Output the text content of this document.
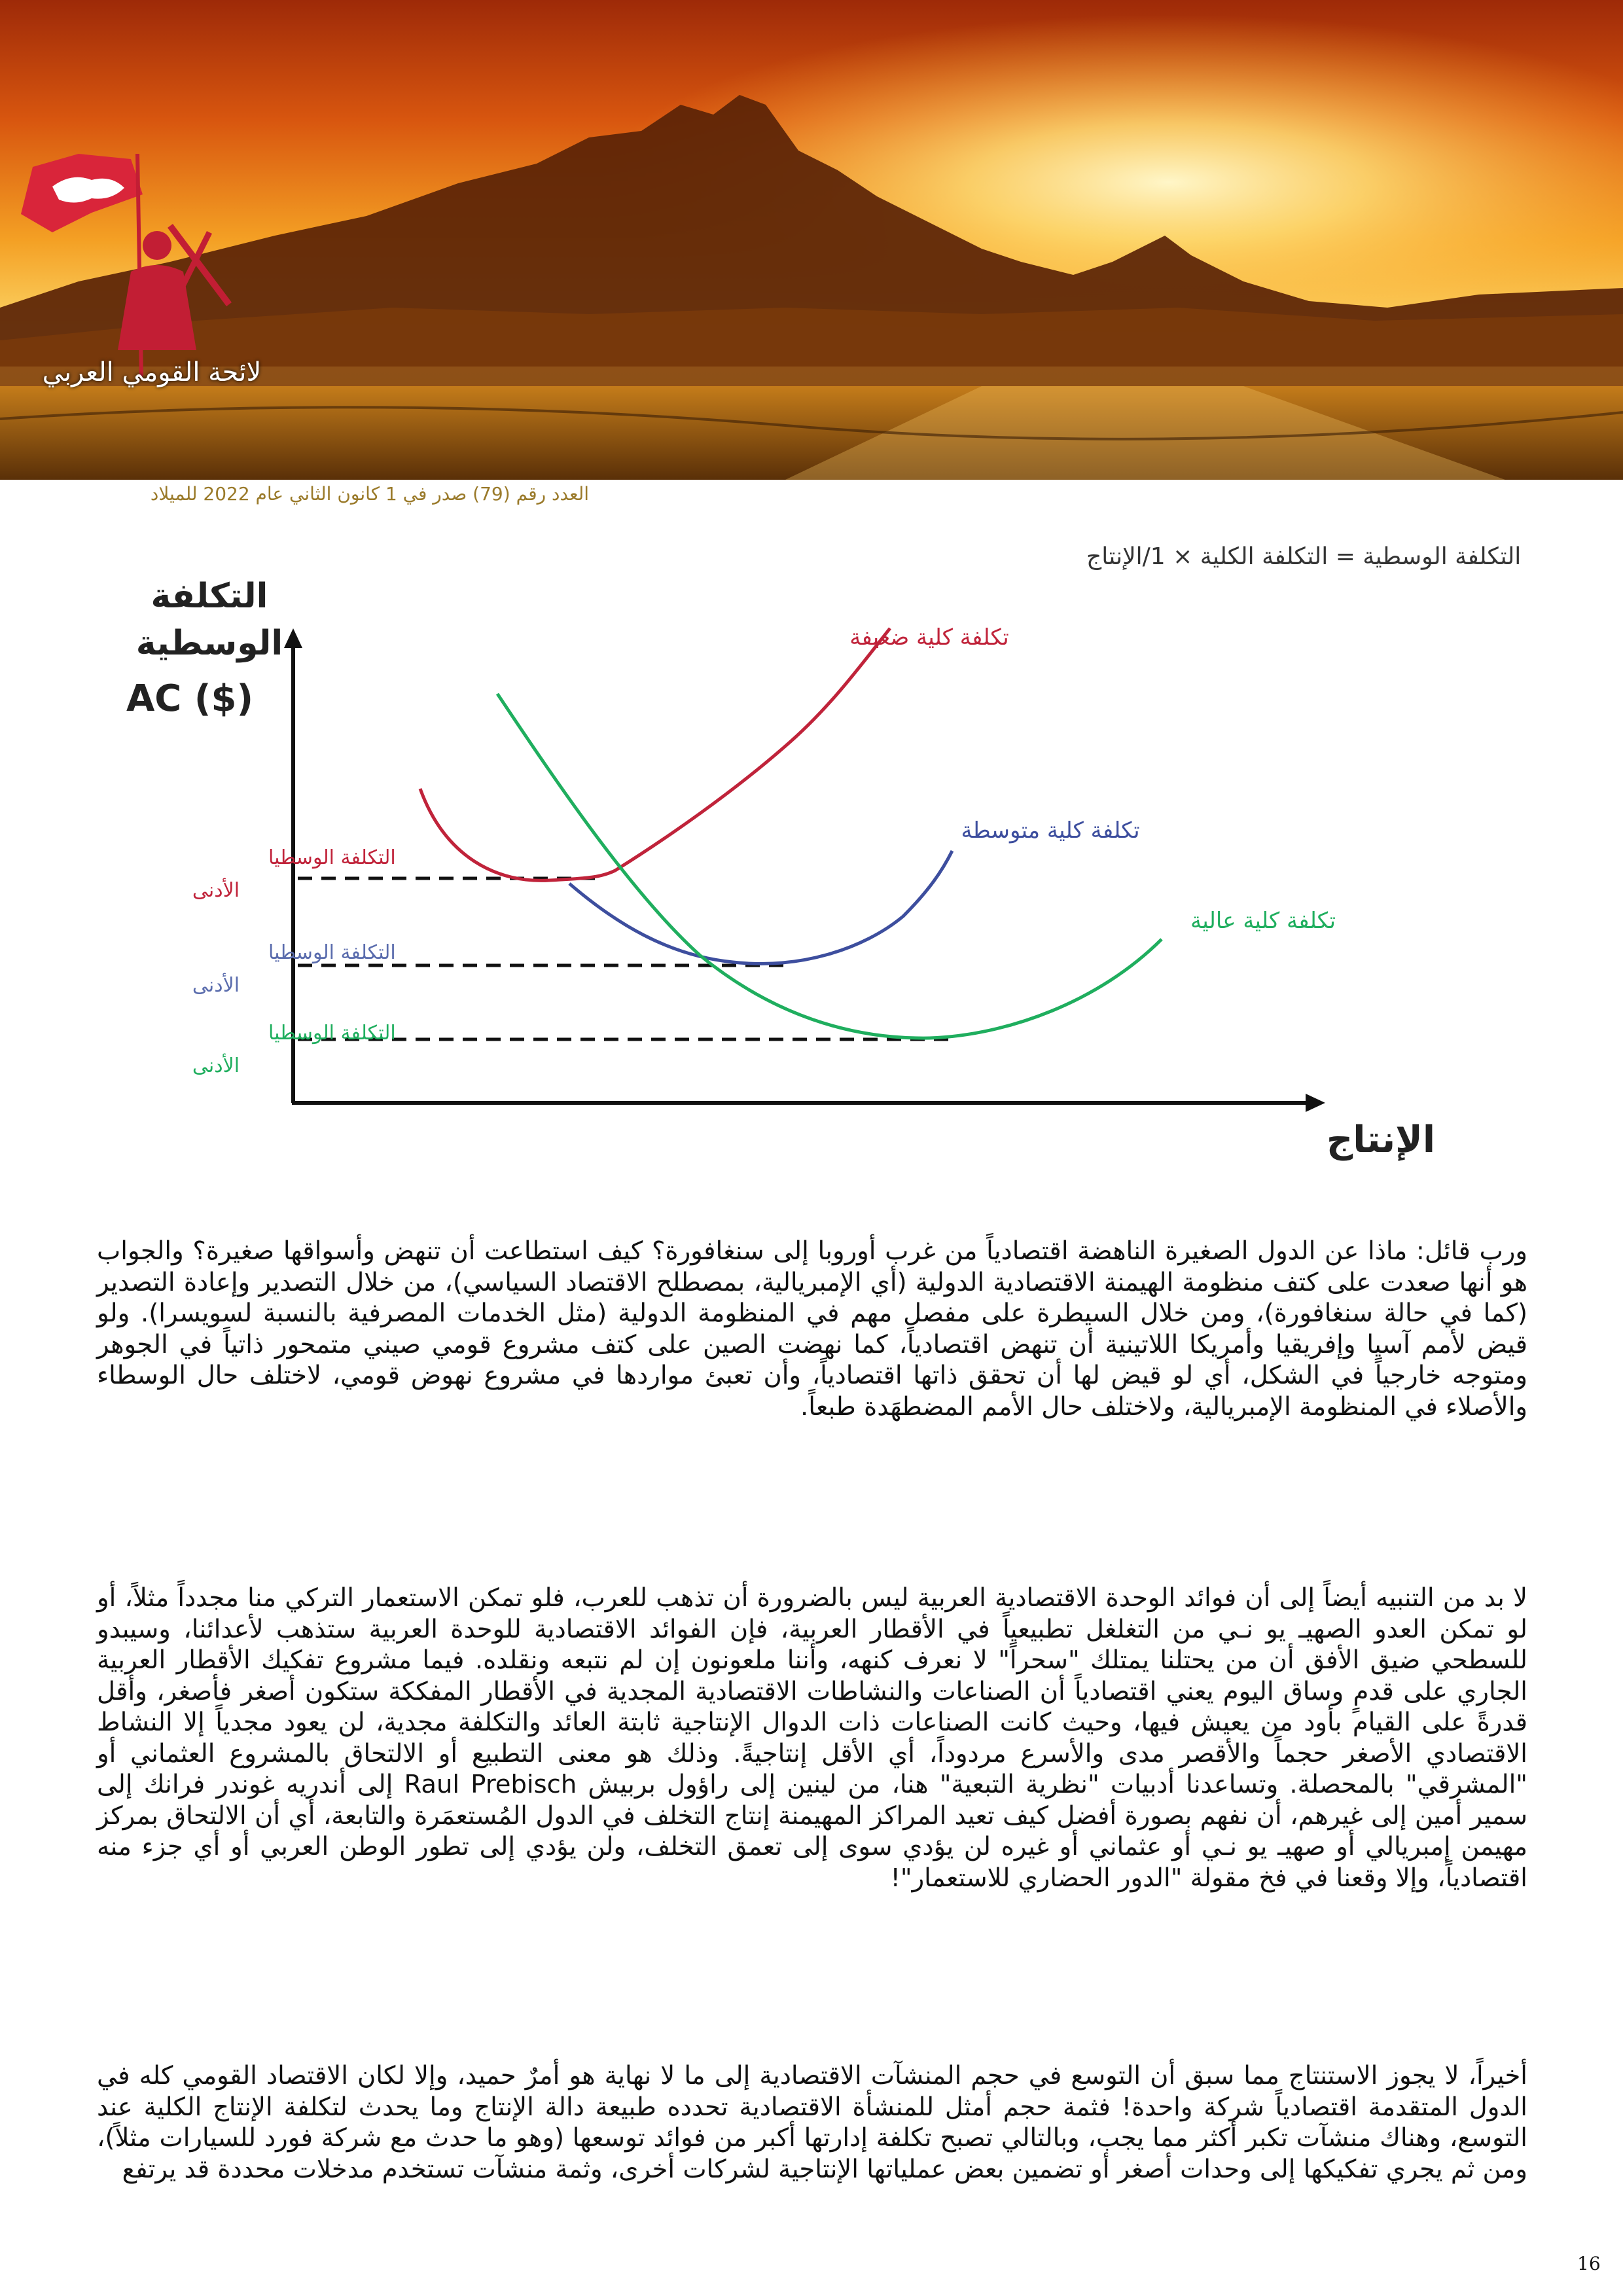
لائحة القومي العربي
العدد رقم (79) صدر في 1 كانون الثاني عام 2022 للميلاد
التكلفة الوسطية = التكلفة الكلية × 1/الإنتاج
التكلفة
الوسطية
AC ($)
الإنتاج
التكلفة الوسطيا
الأدنى
التكلفة الوسطيا
الأدنى
التكلفة الوسطيا
الأدنى
تكلفة كلية ضعيفة
تكلفة كلية متوسطة
تكلفة كلية عالية

ورب قائل: ماذا عن الدول الصغيرة الناهضة اقتصادياً من غرب أوروبا إلى سنغافورة؟ كيف استطاعت أن تنهض وأسواقها صغيرة؟ والجواب هو أنها صعدت على كتف منظومة الهيمنة الاقتصادية الدولية (أي الإمبريالية، بمصطلح الاقتصاد السياسي)، من خلال التصدير وإعادة التصدير (كما في حالة سنغافورة)، ومن خلال السيطرة على مفصل مهم في المنظومة الدولية (مثل الخدمات المصرفية بالنسبة لسويسرا). ولو قيض لأمم آسيا وإفريقيا وأمريكا اللاتينية أن تنهض اقتصادياً، كما نهضت الصين على كتف مشروع قومي صيني متمحور ذاتياً في الجوهر ومتوجه خارجياً في الشكل، أي لو قيض لها أن تحقق ذاتها اقتصادياً، وأن تعبئ مواردها في مشروع نهوض قومي، لاختلف حال الوسطاء والأصلاء في المنظومة الإمبريالية، ولاختلف حال الأمم المضطهَدة طبعاً.

لا بد من التنبيه أيضاً إلى أن فوائد الوحدة الاقتصادية العربية ليس بالضرورة أن تذهب للعرب، فلو تمكن الاستعمار التركي منا مجدداً مثلاً، أو لو تمكن العدو الصهيـ يو نـي من التغلغل تطبيعياً في الأقطار العربية، فإن الفوائد الاقتصادية للوحدة العربية ستذهب لأعدائنا، وسيبدو للسطحي ضيق الأفق أن من يحتلنا يمتلك "سحراً" لا نعرف كنهه، وأننا ملعونون إن لم نتبعه ونقلده. فيما مشروع تفكيك الأقطار العربية الجاري على قدمٍ وساق اليوم يعني اقتصادياً أن الصناعات والنشاطات الاقتصادية المجدية في الأقطار المفككة ستكون أصغر فأصغر، وأقل قدرةً على القيام بأود من يعيش فيها، وحيث كانت الصناعات ذات الدوال الإنتاجية ثابتة العائد والتكلفة مجدية، لن يعود مجدياً إلا النشاط الاقتصادي الأصغر حجماً والأقصر مدى والأسرع مردوداً، أي الأقل إنتاجيةً. وذلك هو معنى التطبيع أو الالتحاق بالمشروع العثماني أو "المشرقي" بالمحصلة. وتساعدنا أدبيات "نظرية التبعية" هنا، من لينين إلى راؤول بربيش Raul Prebisch إلى أندريه غوندر فرانك إلى سمير أمين إلى غيرهم، أن نفهم بصورة أفضل كيف تعيد المراكز المهيمنة إنتاج التخلف في الدول المُستعمَرة والتابعة، أي أن الالتحاق بمركز مهيمن إمبريالي أو صهيـ يو نـي أو عثماني أو غيره لن يؤدي سوى إلى تعمق التخلف، ولن يؤدي إلى تطور الوطن العربي أو أي جزء منه اقتصادياً، وإلا وقعنا في فخ مقولة "الدور الحضاري للاستعمار"!

أخيراً، لا يجوز الاستنتاج مما سبق أن التوسع في حجم المنشآت الاقتصادية إلى ما لا نهاية هو أمرٌ حميد، وإلا لكان الاقتصاد القومي كله في الدول المتقدمة اقتصادياً شركة واحدة! فثمة حجم أمثل للمنشأة الاقتصادية تحدده طبيعة دالة الإنتاج وما يحدث لتكلفة الإنتاج الكلية عند التوسع، وهناك منشآت تكبر أكثر مما يجب، وبالتالي تصبح تكلفة إدارتها أكبر من فوائد توسعها (وهو ما حدث مع شركة فورد للسيارات مثلاً)، ومن ثم يجري تفكيكها إلى وحدات أصغر أو تضمين بعض عملياتها الإنتاجية لشركات أخرى، وثمة منشآت تستخدم مدخلات محددة قد يرتفع

16
